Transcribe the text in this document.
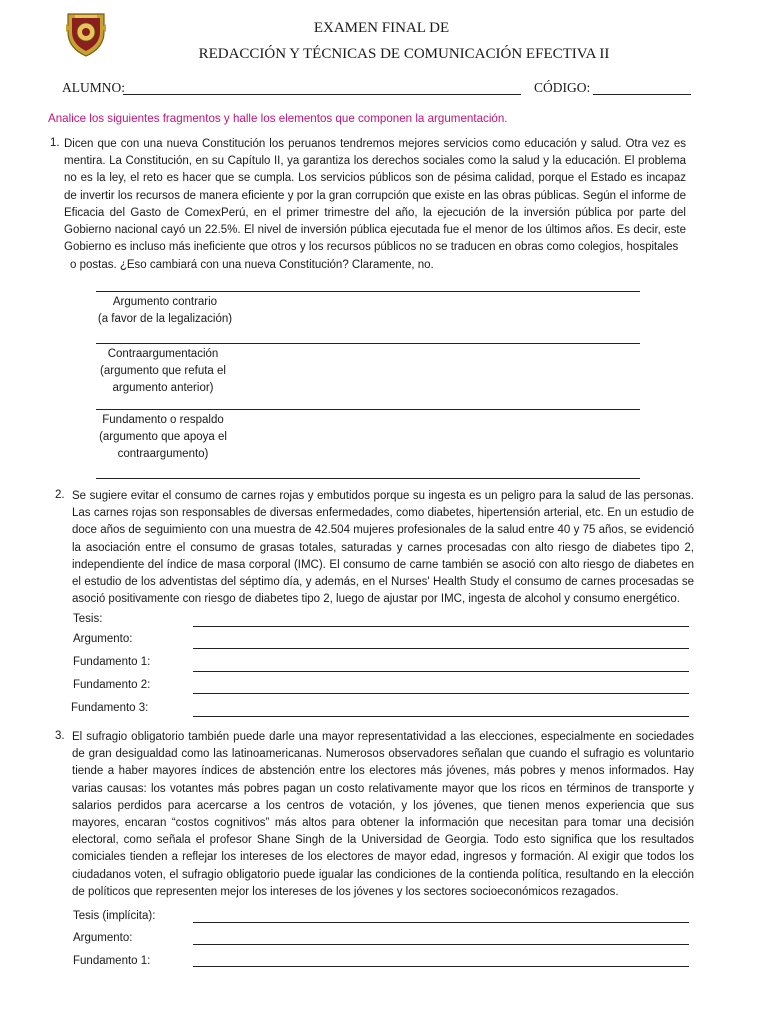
EXAMEN FINAL DE
REDACCIÓN Y TÉCNICAS DE COMUNICACIÓN EFECTIVA II
ALUMNO:	CÓDIGO:
Analice los siguientes fragmentos y halle los elementos que componen la argumentación.
1. Dicen que con una nueva Constitución los peruanos tendremos mejores servicios como educación y salud. Otra vez es mentira. La Constitución, en su Capítulo II, ya garantiza los derechos sociales como la salud y la educación. El problema no es la ley, el reto es hacer que se cumpla. Los servicios públicos son de pésima calidad, porque el Estado es incapaz de invertir los recursos de manera eficiente y por la gran corrupción que existe en las obras públicas. Según el informe de Eficacia del Gasto de ComexPerú, en el primer trimestre del año, la ejecución de la inversión pública por parte del Gobierno nacional cayó un 22.5%. El nivel de inversión pública ejecutada fue el menor de los últimos años. Es decir, este Gobierno es incluso más ineficiente que otros y los recursos públicos no se traducen en obras como colegios, hospitales

o postas. ¿Eso cambiará con una nueva Constitución? Claramente, no.
Argumento contrario
(a favor de la legalización)
Contraargumentación
(argumento que refuta el
argumento anterior)
Fundamento o respaldo
(argumento que apoya el
contraargumento)
2. Se sugiere evitar el consumo de carnes rojas y embutidos porque su ingesta es un peligro para la salud de las personas. Las carnes rojas son responsables de diversas enfermedades, como diabetes, hipertensión arterial, etc. En un estudio de doce años de seguimiento con una muestra de 42.504 mujeres profesionales de la salud entre 40 y 75 años, se evidenció la asociación entre el consumo de grasas totales, saturadas y carnes procesadas con alto riesgo de diabetes tipo 2, independiente del índice de masa corporal (IMC). El consumo de carne también se asoció con alto riesgo de diabetes en el estudio de los adventistas del séptimo día, y además, en el Nurses' Health Study el consumo de carnes procesadas se asoció positivamente con riesgo de diabetes tipo 2, luego de ajustar por IMC, ingesta de alcohol y consumo energético.

Tesis:
Argumento:
Fundamento 1:
Fundamento 2:
Fundamento 3:
3. El sufragio obligatorio también puede darle una mayor representatividad a las elecciones, especialmente en sociedades de gran desigualdad como las latinoamericanas. Numerosos observadores señalan que cuando el sufragio es voluntario tiende a haber mayores índices de abstención entre los electores más jóvenes, más pobres y menos informados. Hay varias causas: los votantes más pobres pagan un costo relativamente mayor que los ricos en términos de transporte y salarios perdidos para acercarse a los centros de votación, y los jóvenes, que tienen menos experiencia que sus mayores, encaran “costos cognitivos” más altos para obtener la información que necesitan para tomar una decisión electoral, como señala el profesor Shane Singh de la Universidad de Georgia. Todo esto significa que los resultados comiciales tienden a reflejar los intereses de los electores de mayor edad, ingresos y formación. Al exigir que todos los ciudadanos voten, el sufragio obligatorio puede igualar las condiciones de la contienda política, resultando en la elección de políticos que representen mejor los intereses de los jóvenes y los sectores socioeconómicos rezagados.

Tesis (implícita):
Argumento:
Fundamento 1:
